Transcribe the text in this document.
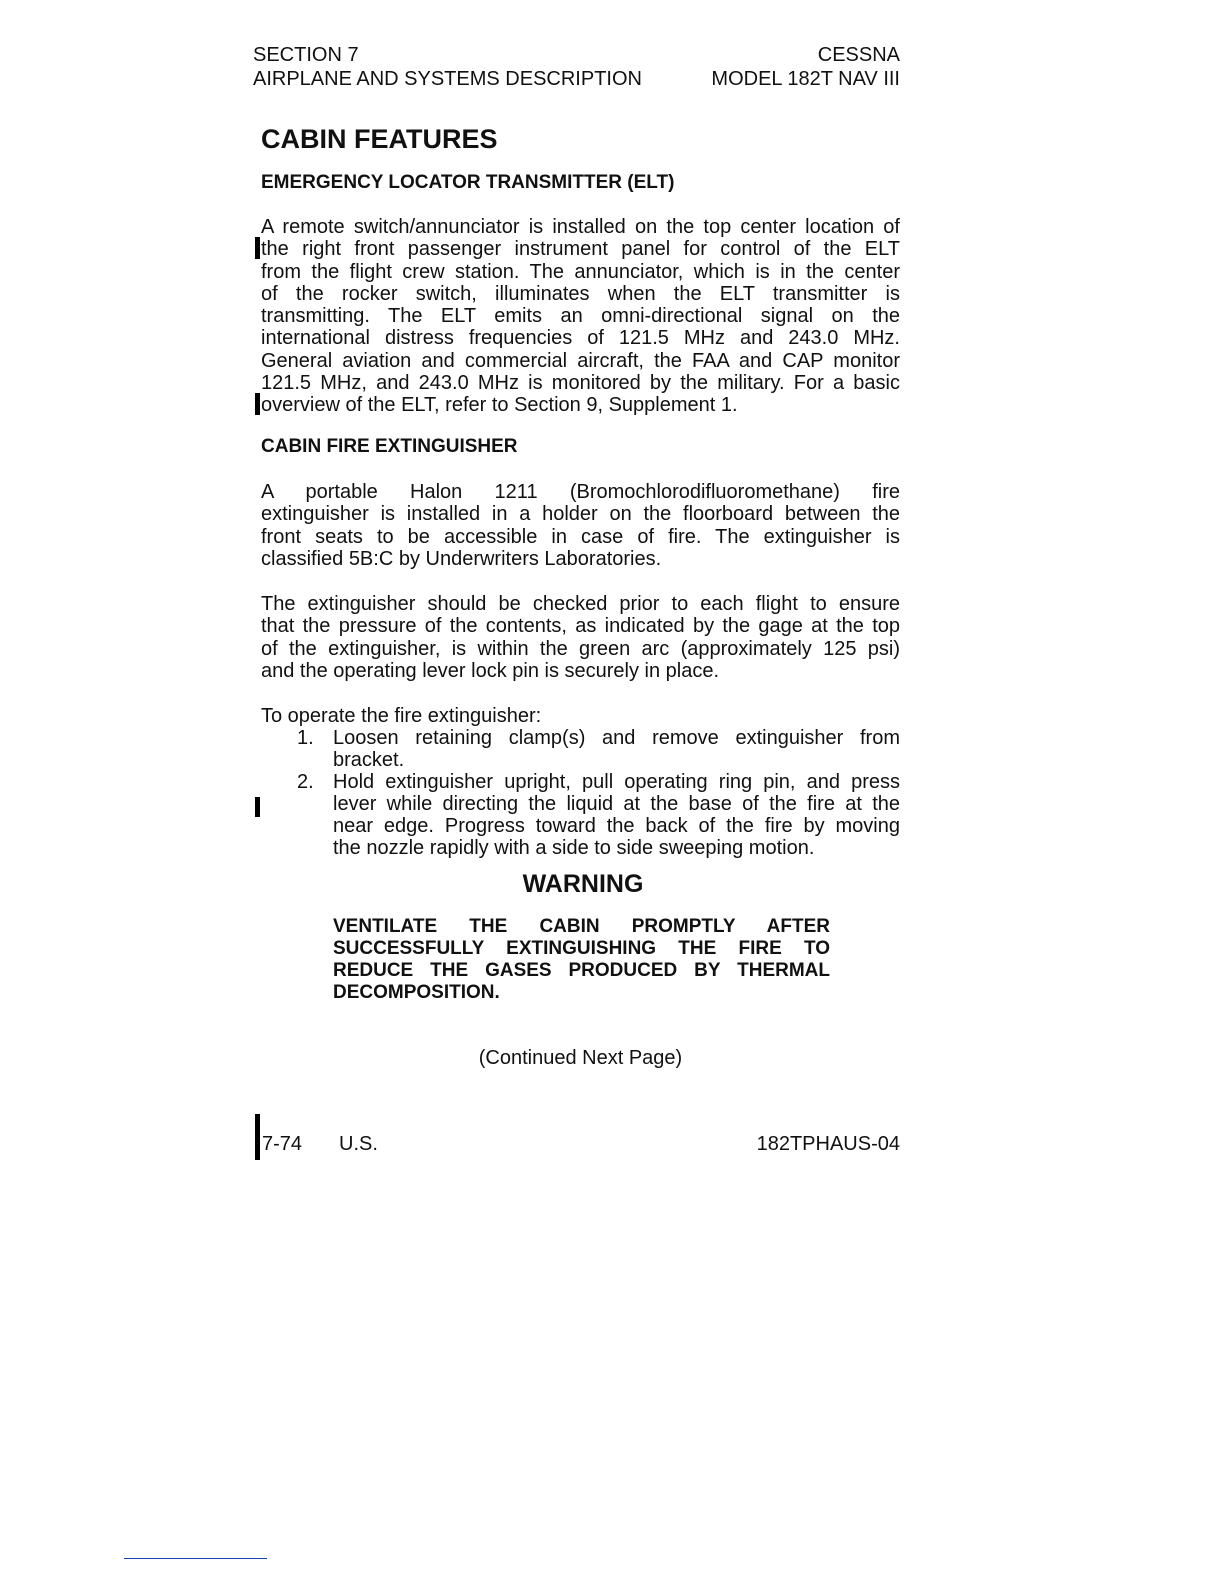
SECTION 7
AIRPLANE AND SYSTEMS DESCRIPTION
CESSNA
MODEL 182T NAV III
CABIN FEATURES
EMERGENCY LOCATOR TRANSMITTER (ELT)
A remote switch/annunciator is installed on the top center location of
the right front passenger instrument panel for control of the ELT
from the flight crew station. The annunciator, which is in the center
of the rocker switch, illuminates when the ELT transmitter is
transmitting. The ELT emits an omni-directional signal on the
international distress frequencies of 121.5 MHz and 243.0 MHz.
General aviation and commercial aircraft, the FAA and CAP monitor
121.5 MHz, and 243.0 MHz is monitored by the military. For a basic
overview of the ELT, refer to Section 9, Supplement 1.
CABIN FIRE EXTINGUISHER
A portable Halon 1211 (Bromochlorodifluoromethane) fire
extinguisher is installed in a holder on the floorboard between the
front seats to be accessible in case of fire. The extinguisher is
classified 5B:C by Underwriters Laboratories.
The extinguisher should be checked prior to each flight to ensure
that the pressure of the contents, as indicated by the gage at the top
of the extinguisher, is within the green arc (approximately 125 psi)
and the operating lever lock pin is securely in place.
To operate the fire extinguisher:
1. Loosen retaining clamp(s) and remove extinguisher from
bracket.
2. Hold extinguisher upright, pull operating ring pin, and press
lever while directing the liquid at the base of the fire at the
near edge. Progress toward the back of the fire by moving
the nozzle rapidly with a side to side sweeping motion.
WARNING
VENTILATE THE CABIN PROMPTLY AFTER
SUCCESSFULLY EXTINGUISHING THE FIRE TO
REDUCE THE GASES PRODUCED BY THERMAL
DECOMPOSITION.
(Continued Next Page)
7-74 U.S.	182TPHAUS-04
